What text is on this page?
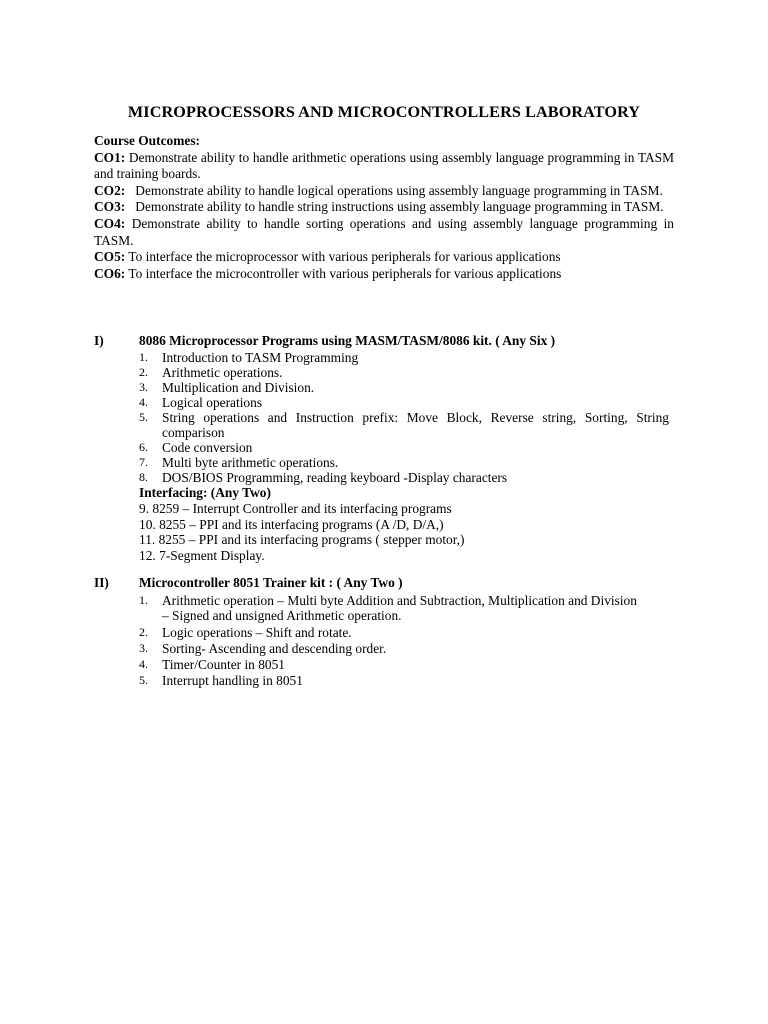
MICROPROCESSORS AND MICROCONTROLLERS LABORATORY
Course Outcomes:
CO1: Demonstrate ability to handle arithmetic operations using assembly language programming in TASM and training boards.
CO2: Demonstrate ability to handle logical operations using assembly language programming in TASM.
CO3: Demonstrate ability to handle string instructions using assembly language programming in TASM.
CO4: Demonstrate ability to handle sorting operations and using assembly language programming in TASM.
CO5: To interface the microprocessor with various peripherals for various applications
CO6: To interface the microcontroller with various peripherals for various applications
I)	8086 Microprocessor Programs using MASM/TASM/8086 kit. ( Any Six )
1. Introduction to TASM Programming
2. Arithmetic operations.
3. Multiplication and Division.
4. Logical operations
5. String operations and Instruction prefix: Move Block, Reverse string, Sorting, String comparison
6. Code conversion
7. Multi byte arithmetic operations.
8. DOS/BIOS Programming, reading keyboard -Display characters
Interfacing: (Any Two)
9. 8259 – Interrupt Controller and its interfacing programs
10. 8255 – PPI and its interfacing programs (A /D, D/A,)
11. 8255 – PPI and its interfacing programs ( stepper motor,)
12. 7-Segment Display.
II) Microcontroller 8051 Trainer kit : ( Any Two )
1. Arithmetic operation – Multi byte Addition and Subtraction, Multiplication and Division – Signed and unsigned Arithmetic operation.
2. Logic operations – Shift and rotate.
3. Sorting- Ascending and descending order.
4. Timer/Counter in 8051
5. Interrupt handling in 8051
